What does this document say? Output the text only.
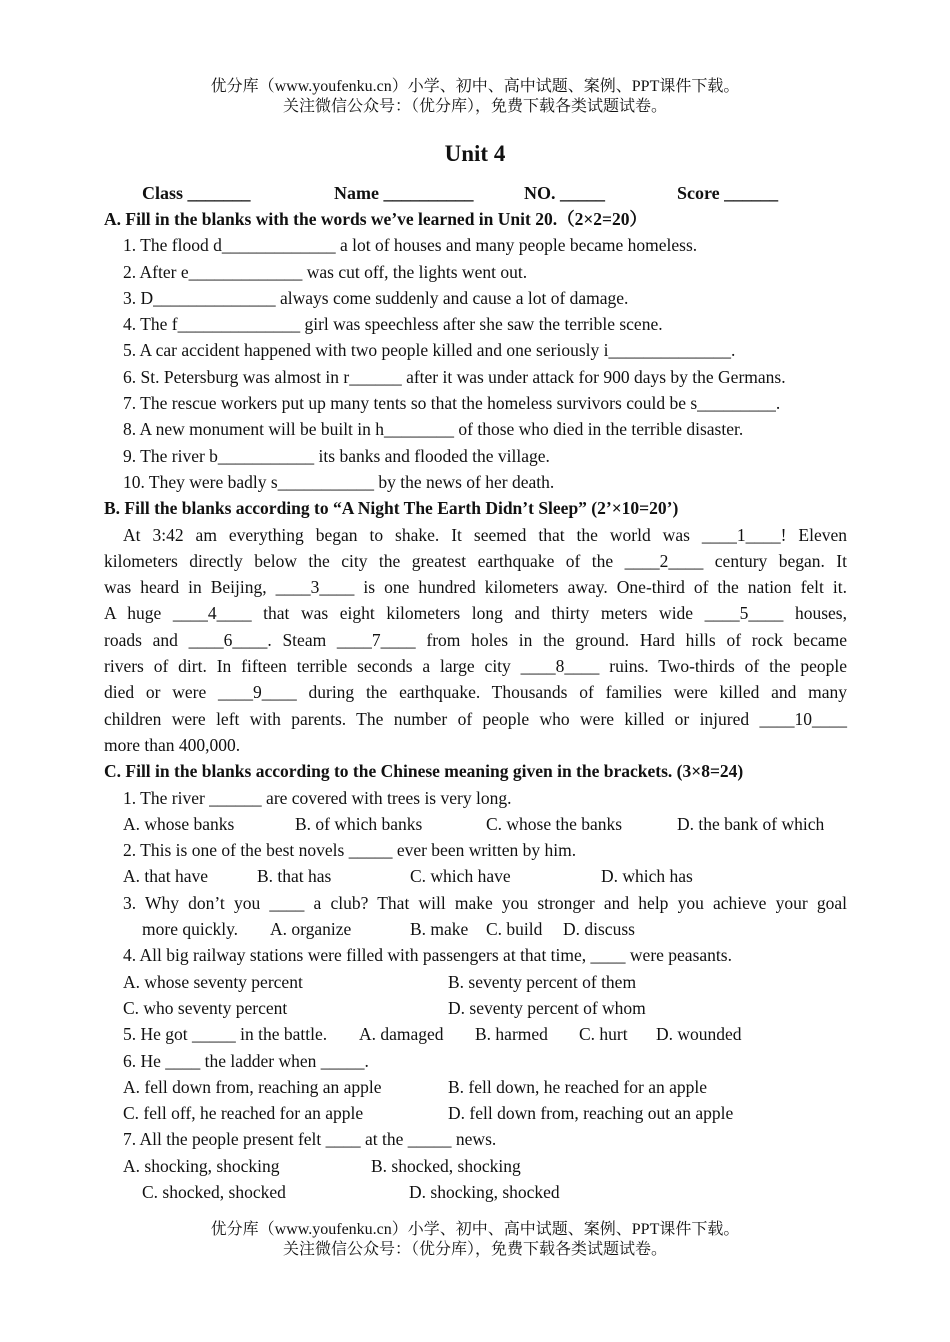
优分库（www.youfenku.cn）小学、初中、高中试题、案例、PPT课件下载。
关注微信公众号：（优分库），免费下载各类试题试卷。
Unit 4
Class _______	Name __________	NO. _____	Score ______
A. Fill in the blanks with the words we’ve learned in Unit 20.（2×2=20）
1. The flood d_____________ a lot of houses and many people became homeless.
2. After e_____________ was cut off, the lights went out.
3. D______________ always come suddenly and cause a lot of damage.
4. The f______________ girl was speechless after she saw the terrible scene.
5. A car accident happened with two people killed and one seriously i______________.
6. St. Petersburg was almost in r______ after it was under attack for 900 days by the Germans.
7. The rescue workers put up many tents so that the homeless survivors could be s_________.
8. A new monument will be built in h________ of those who died in the terrible disaster.
9. The river b___________ its banks and flooded the village.
10. They were badly s___________ by the news of her death.
B. Fill the blanks according to “A Night The Earth Didn’t Sleep” (2’×10=20’)
At 3:42 am everything began to shake. It seemed that the world was ____1____! Eleven
kilometers directly below the city the greatest earthquake of the ____2____ century began. It
was heard in Beijing, ____3____ is one hundred kilometers away. One-third of the nation felt it.
A huge ____4____ that was eight kilometers long and thirty meters wide ____5____ houses,
roads and ____6____. Steam ____7____ from holes in the ground. Hard hills of rock became
rivers of dirt. In fifteen terrible seconds a large city ____8____ ruins. Two-thirds of the people
died or were ____9____ during the earthquake. Thousands of families were killed and many
children were left with parents. The number of people who were killed or injured ____10____
more than 400,000.
C. Fill in the blanks according to the Chinese meaning given in the brackets. (3×8=24)
1. The river ______ are covered with trees is very long.
A. whose banks	B. of which banks	C. whose the banks	D. the bank of which
2. This is one of the best novels _____ ever been written by him.
A. that have	B. that has	C. which have	D. which has
3. Why don’t you ____ a club? That will make you stronger and help you achieve your goal
more quickly.	A. organize	B. make	C. build	D. discuss
4. All big railway stations were filled with passengers at that time, ____ were peasants.
A. whose seventy percent	B. seventy percent of them
C. who seventy percent	D. seventy percent of whom
5. He got _____ in the battle.	A. damaged	B. harmed	C. hurt	D. wounded
6. He ____ the ladder when _____.
A. fell down from, reaching an apple	B. fell down, he reached for an apple
C. fell off, he reached for an apple	D. fell down from, reaching out an apple
7. All the people present felt ____ at the _____ news.
A. shocking, shocking	B. shocked, shocking
C. shocked, shocked	D. shocking, shocked
优分库（www.youfenku.cn）小学、初中、高中试题、案例、PPT课件下载。
关注微信公众号：（优分库），免费下载各类试题试卷。
